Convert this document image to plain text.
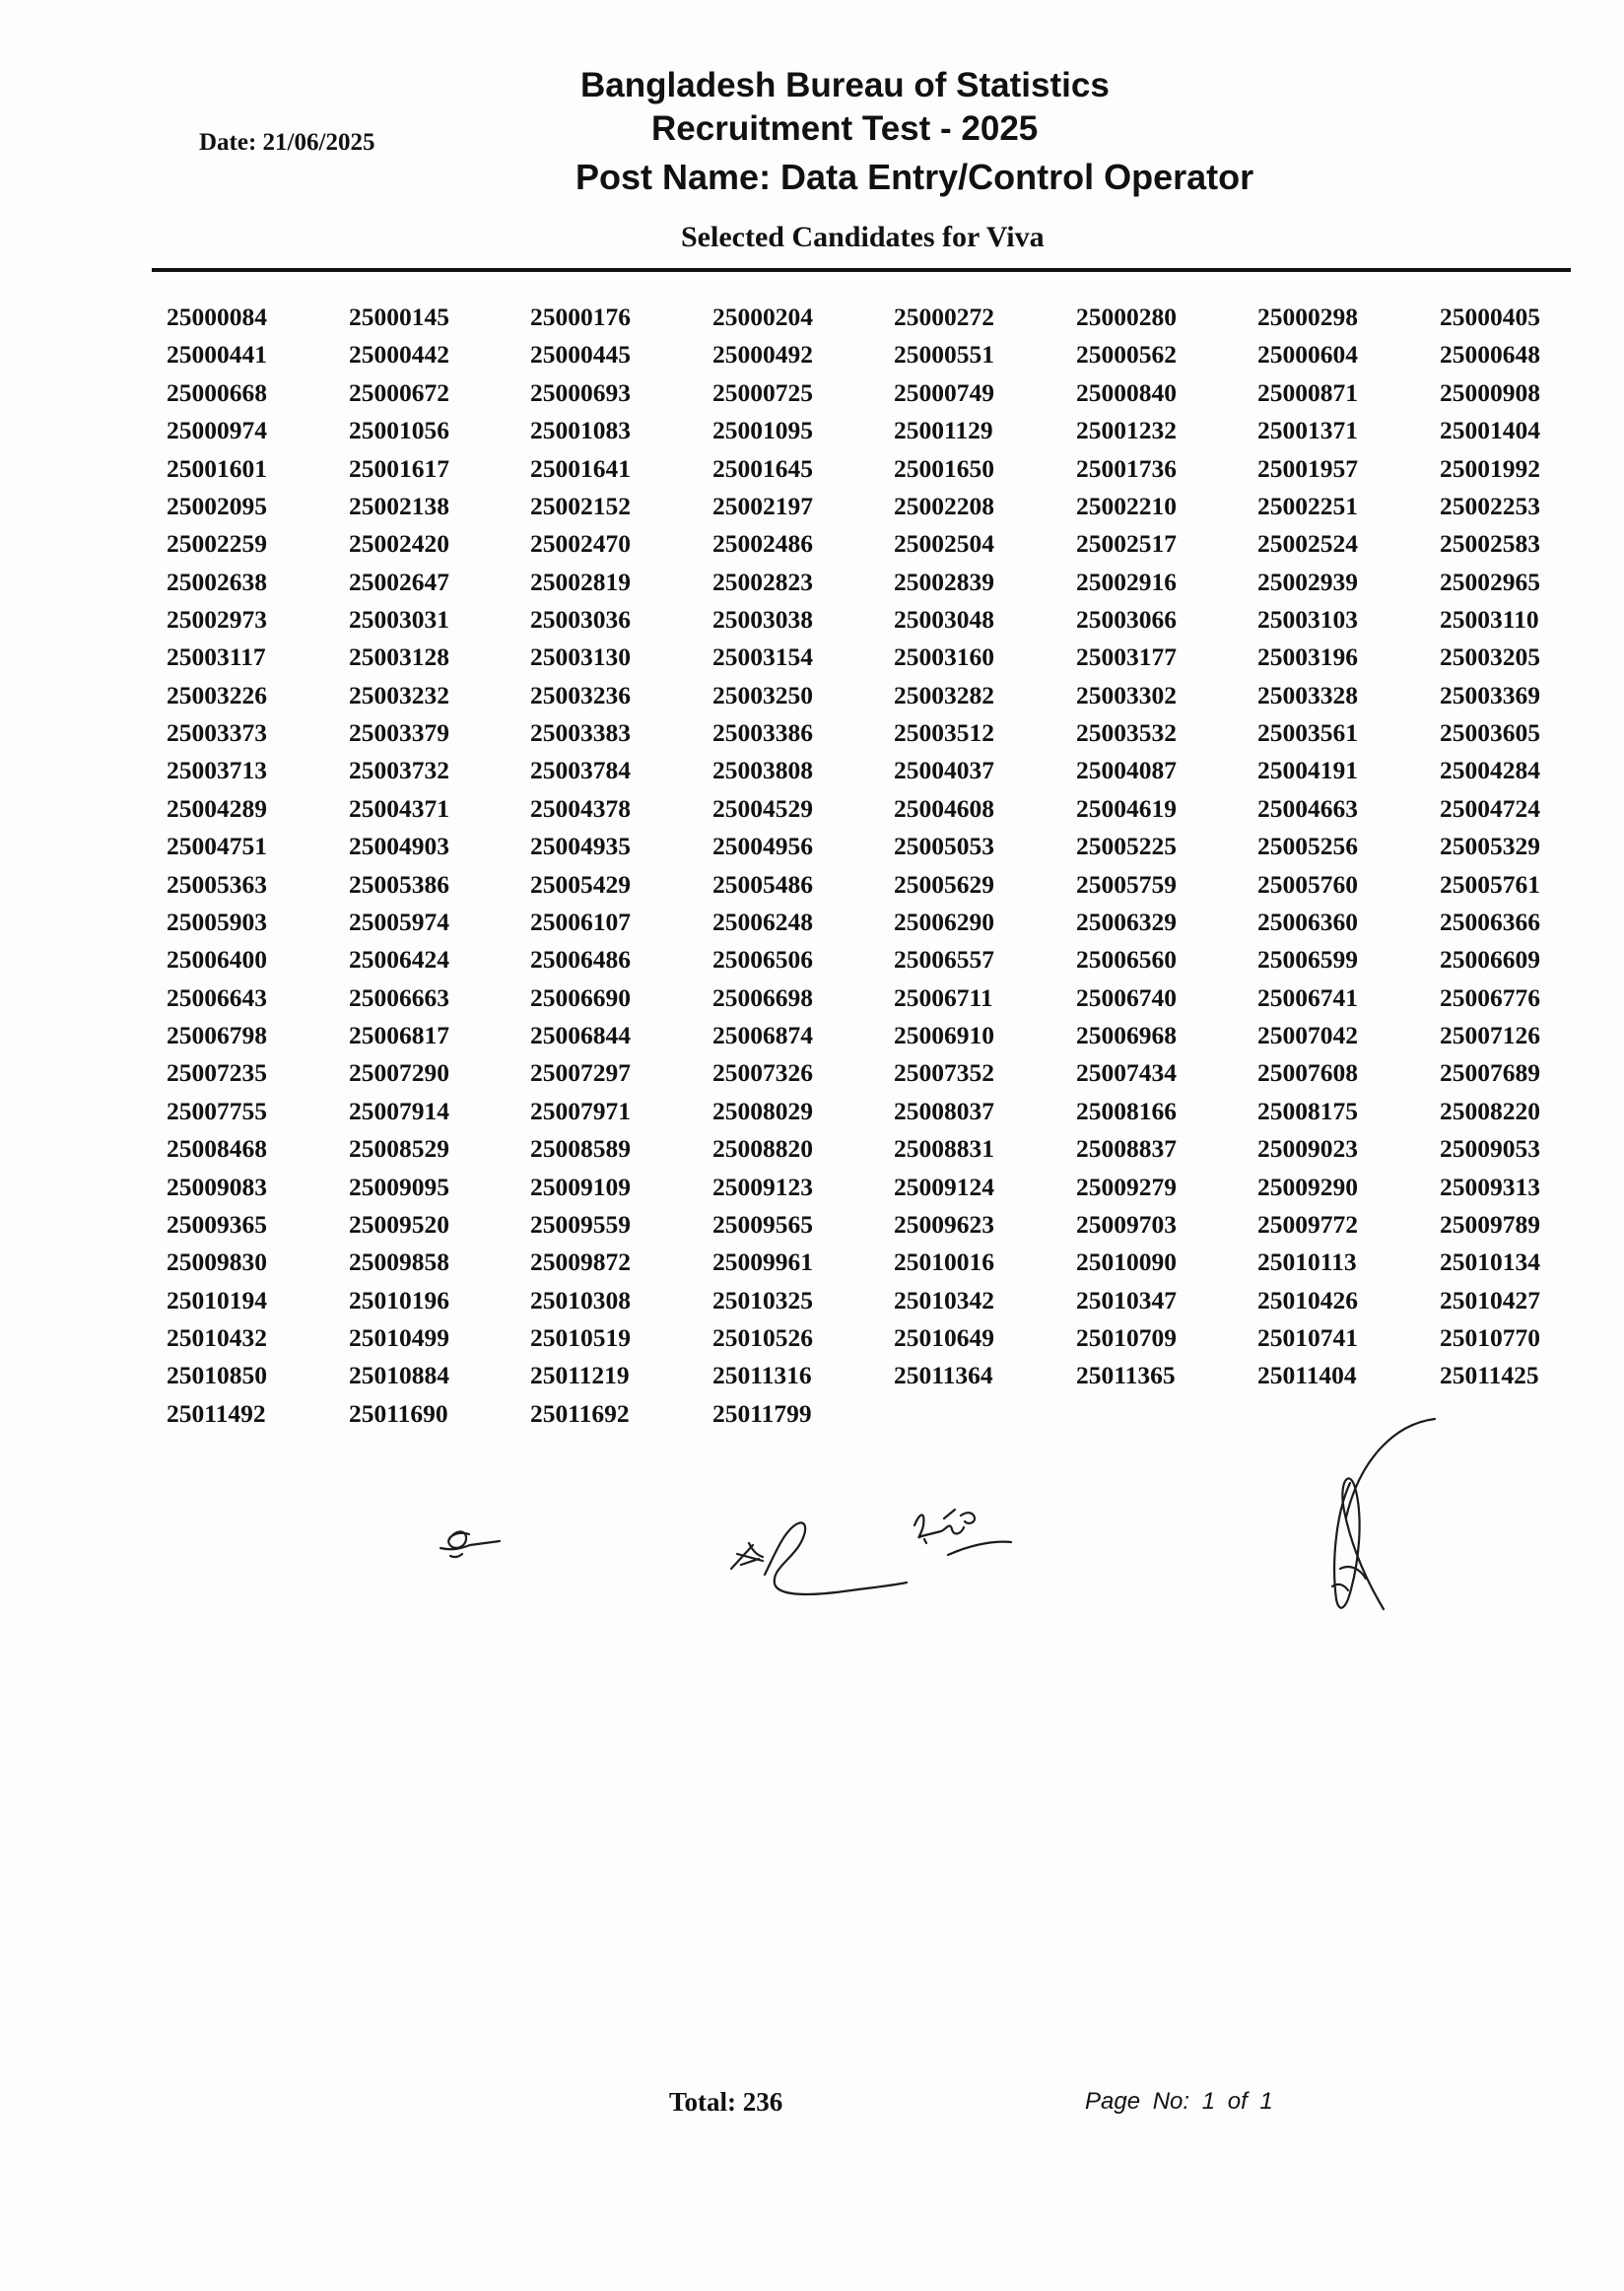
Bangladesh Bureau of Statistics
Recruitment Test - 2025
Post Name: Data Entry/Control Operator
Date: 21/06/2025
Selected Candidates for Viva
25000084	25000145	25000176	25000204	25000272	25000280	25000298	25000405
25000441	25000442	25000445	25000492	25000551	25000562	25000604	25000648
25000668	25000672	25000693	25000725	25000749	25000840	25000871	25000908
25000974	25001056	25001083	25001095	25001129	25001232	25001371	25001404
25001601	25001617	25001641	25001645	25001650	25001736	25001957	25001992
25002095	25002138	25002152	25002197	25002208	25002210	25002251	25002253
25002259	25002420	25002470	25002486	25002504	25002517	25002524	25002583
25002638	25002647	25002819	25002823	25002839	25002916	25002939	25002965
25002973	25003031	25003036	25003038	25003048	25003066	25003103	25003110
25003117	25003128	25003130	25003154	25003160	25003177	25003196	25003205
25003226	25003232	25003236	25003250	25003282	25003302	25003328	25003369
25003373	25003379	25003383	25003386	25003512	25003532	25003561	25003605
25003713	25003732	25003784	25003808	25004037	25004087	25004191	25004284
25004289	25004371	25004378	25004529	25004608	25004619	25004663	25004724
25004751	25004903	25004935	25004956	25005053	25005225	25005256	25005329
25005363	25005386	25005429	25005486	25005629	25005759	25005760	25005761
25005903	25005974	25006107	25006248	25006290	25006329	25006360	25006366
25006400	25006424	25006486	25006506	25006557	25006560	25006599	25006609
25006643	25006663	25006690	25006698	25006711	25006740	25006741	25006776
25006798	25006817	25006844	25006874	25006910	25006968	25007042	25007126
25007235	25007290	25007297	25007326	25007352	25007434	25007608	25007689
25007755	25007914	25007971	25008029	25008037	25008166	25008175	25008220
25008468	25008529	25008589	25008820	25008831	25008837	25009023	25009053
25009083	25009095	25009109	25009123	25009124	25009279	25009290	25009313
25009365	25009520	25009559	25009565	25009623	25009703	25009772	25009789
25009830	25009858	25009872	25009961	25010016	25010090	25010113	25010134
25010194	25010196	25010308	25010325	25010342	25010347	25010426	25010427
25010432	25010499	25010519	25010526	25010649	25010709	25010741	25010770
25010850	25010884	25011219	25011316	25011364	25011365	25011404	25011425
25011492	25011690	25011692	25011799
Total: 236	Page No: 1 of 1
